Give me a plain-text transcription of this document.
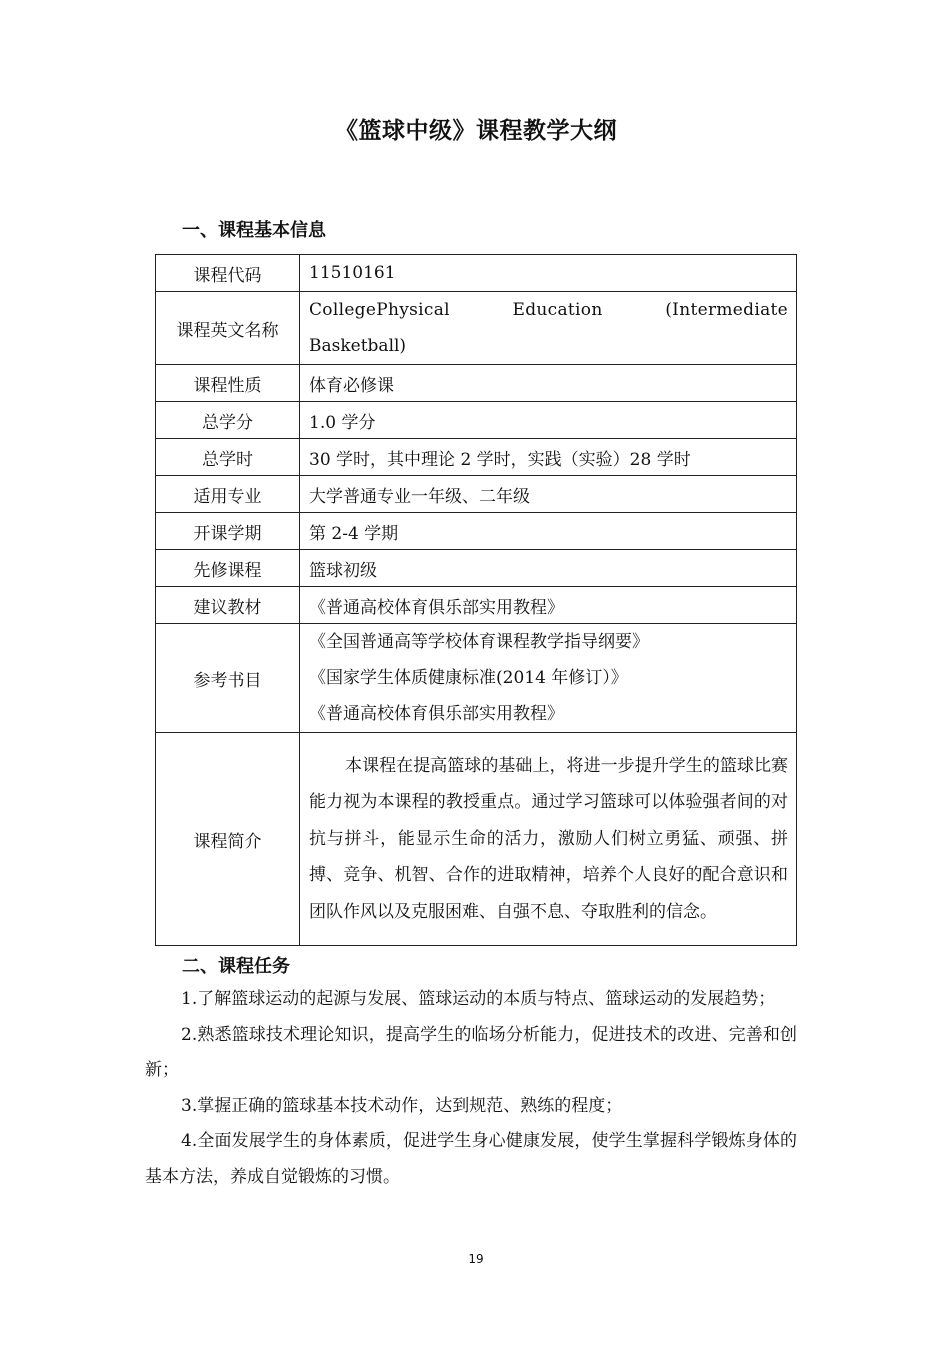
《篮球中级》课程教学大纲
一、课程基本信息
课程代码	11510161
课程英文名称	CollegePhysical Education (Intermediate
Basketball)

课程性质	体育必修课
总学分	1.0 学分
总学时	30 学时，其中理论 2 学时，实践（实验）28 学时
适用专业	大学普通专业一年级、二年级
开课学期	第 2-4 学期
先修课程	篮球初级
建议教材	《普通高校体育俱乐部实用教程》
参考书目	《全国普通高等学校体育课程教学指导纲要》
《国家学生体质健康标准(2014 年修订）》
《普通高校体育俱乐部实用教程》

课程简介	本课程在提高篮球的基础上，将进一步提升学生的篮球比赛能力视为本课程的教授重点。通过学习篮球可以体验强者间的对抗与拼斗，能显示生命的活力，激励人们树立勇猛、顽强、拼搏、竞争、机智、合作的进取精神，培养个人良好的配合意识和团队作风以及克服困难、自强不息、夺取胜利的信念。
二、课程任务

1.了解篮球运动的起源与发展、篮球运动的本质与特点、篮球运动的发展趋势；

2.熟悉篮球技术理论知识，提高学生的临场分析能力，促进技术的改进、完善和创新；

3.掌握正确的篮球基本技术动作，达到规范、熟练的程度；

4.全面发展学生的身体素质，促进学生身心健康发展，使学生掌握科学锻炼身体的基本方法，养成自觉锻炼的习惯。

19
